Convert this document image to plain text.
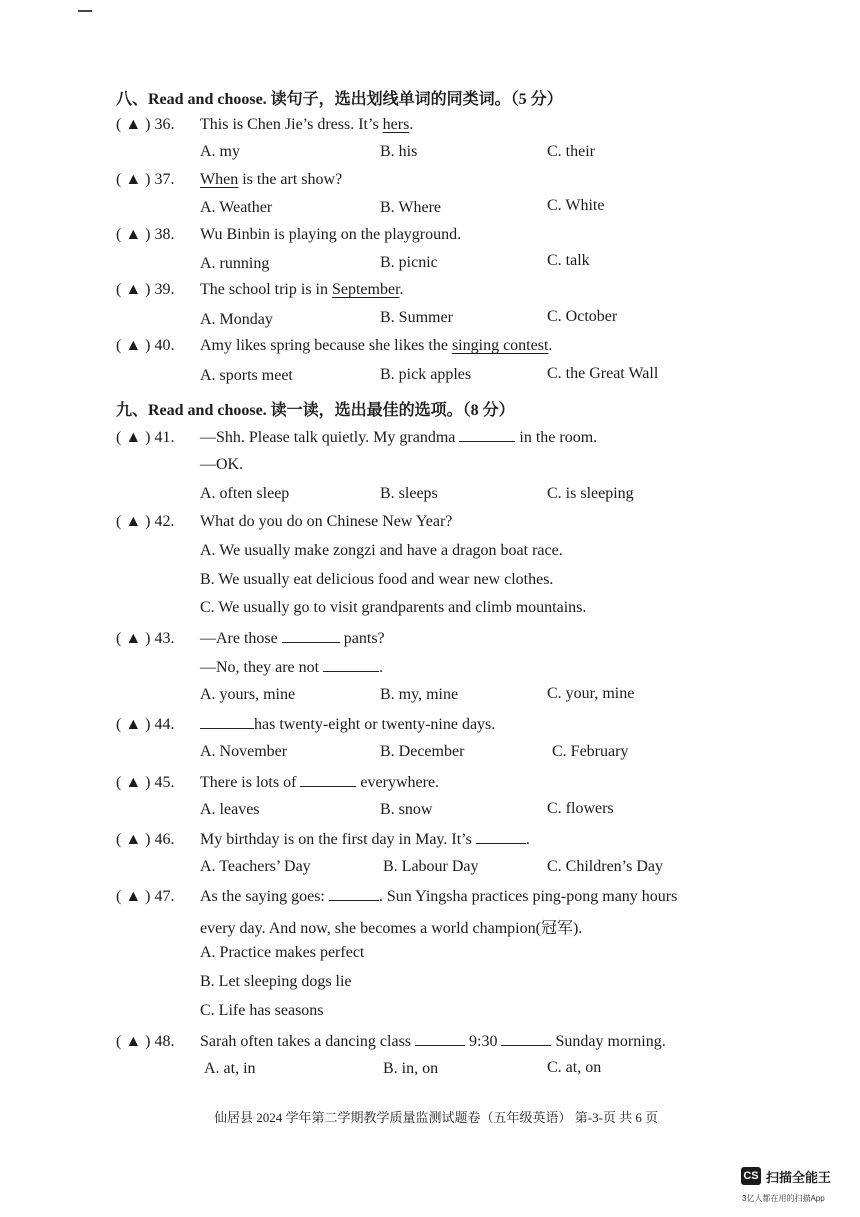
八、Read and choose. 读句子，选出划线单词的同类词。（5 分）
( ▲ ) 36. This is Chen Jie’s dress. It’s hers.
A. my	B. his	C. their
( ▲ ) 37. When is the art show?
A. Weather	B. Where	C. White
( ▲ ) 38. Wu Binbin is playing on the playground.
A. running	B. picnic	C. talk
( ▲ ) 39. The school trip is in September.
A. Monday	B. Summer	C. October
( ▲ ) 40. Amy likes spring because she likes the singing contest.
A. sports meet	B. pick apples	C. the Great Wall
九、Read and choose. 读一读，选出最佳的选项。（8 分）
( ▲ ) 41. —Shh. Please talk quietly. My grandma	in the room.
—OK.
A. often sleep	B. sleeps	C. is sleeping
( ▲ ) 42. What do you do on Chinese New Year?
A. We usually make zongzi and have a dragon boat race.
B. We usually eat delicious food and wear new clothes.
C. We usually go to visit grandparents and climb mountains.
( ▲ ) 43. —Are those	pants?
—No, they are not	.
A. yours, mine	B. my, mine	C. your, mine
( ▲ ) 44.	has twenty-eight or twenty-nine days.
A. November	B. December	C. February
( ▲ ) 45. There is lots of	everywhere.
A. leaves	B. snow	C. flowers
( ▲ ) 46. My birthday is on the first day in May. It’s	.
A. Teachers’ Day	B. Labour Day	C. Children’s Day
( ▲ ) 47. As the saying goes:	. Sun Yingsha practices ping-pong many hours
every day. And now, she becomes a world champion(冠军).
A. Practice makes perfect
B. Let sleeping dogs lie
C. Life has seasons
( ▲ ) 48. Sarah often takes a dancing class	9:30	Sunday morning.
A. at, in	B. in, on	C. at, on
仙居县 2024 学年第二学期教学质量监测试题卷（五年级英语） 第-3-页 共 6 页
CS 扫描全能王
3亿人都在用的扫描App
